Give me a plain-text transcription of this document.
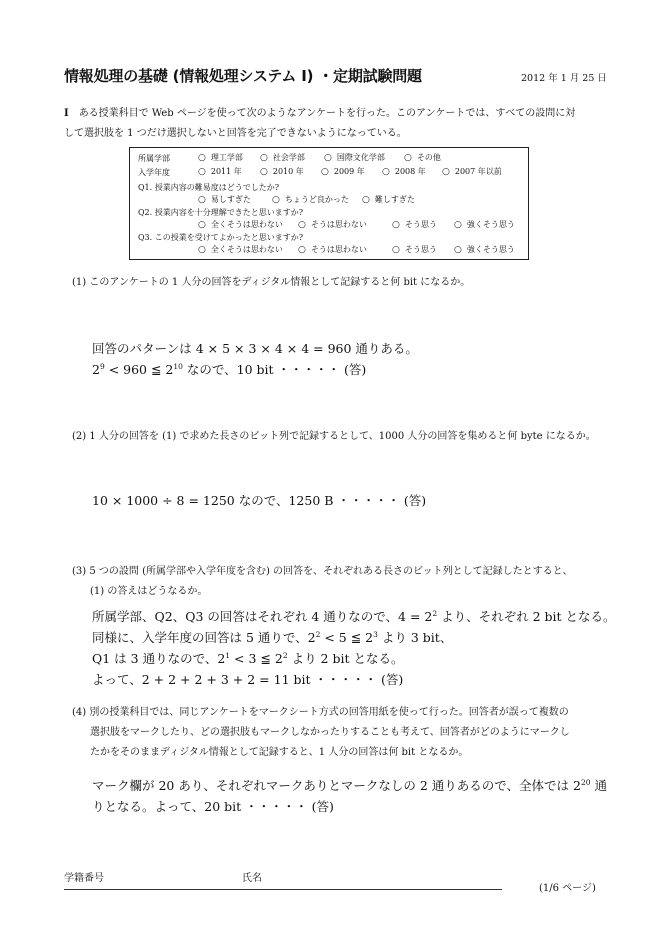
情報処理の基礎 (情報処理システム I) ・定期試験問題	2012 年 1 月 25 日
I ある授業科目で Web ページを使って次のようなアンケートを行った。このアンケートでは、すべての設問に対
して選択肢を 1 つだけ選択しないと回答を完了できないようになっている。
所属学部	○ 理工学部	○ 社会学部	○ 国際文化学部	○ その他
入学年度	○ 2011 年	○ 2010 年	○ 2009 年	○ 2008 年	○ 2007 年以前
Q1. 授業内容の難易度はどうでしたか?
○ 易しすぎた	○ ちょうど良かった	○ 難しすぎた
Q2. 授業内容を十分理解できたと思いますか?
○ 全くそうは思わない	○ そうは思わない	○ そう思う	○ 強くそう思う
Q3. この授業を受けてよかったと思いますか?
○ 全くそうは思わない	○ そうは思わない	○ そう思う	○ 強くそう思う
(1) このアンケートの 1 人分の回答をディジタル情報として記録すると何 bit になるか。
回答のパターンは 4 × 5 × 3 × 4 × 4 = 960 通りある。
$2^9 < 960$ ≦ $2^{10}$ なので、10 bit ・・・・・ (答)
(2) 1 人分の回答を (1) で求めた長さのビット列で記録するとして、1000 人分の回答を集めると何 byte になるか。
10 × 1000 ÷ 8 = 1250 なので、1250 B ・・・・・ (答)
(3) 5 つの設問 (所属学部や入学年度を含む) の回答を、それぞれある長さのビット列として記録したとすると、
(1) の答えはどうなるか。
所属学部、Q2、Q3 の回答はそれぞれ 4 通りなので、$4 = 2^2$ より、それぞれ 2 bit となる。
同様に、入学年度の回答は 5 通りで、$2^2 < 5$ ≦ $2^3$ より 3 bit、
Q1 は 3 通りなので、$2^1 < 3$ ≦ $2^2$ より 2 bit となる。
よって、2 + 2 + 2 + 3 + 2 = 11 bit ・・・・・ (答)
(4) 別の授業科目では、同じアンケートをマークシート方式の回答用紙を使って行った。回答者が誤って複数の
選択肢をマークしたり、どの選択肢もマークしなかったりすることも考えて、回答者がどのようにマークし
たかをそのままディジタル情報として記録すると、1 人分の回答は何 bit となるか。
マーク欄が 20 あり、それぞれマークありとマークなしの 2 通りあるので、全体では $2^{20}$ 通
りとなる。よって、20 bit ・・・・・ (答)
学籍番号	氏名
(1/6 ページ)
